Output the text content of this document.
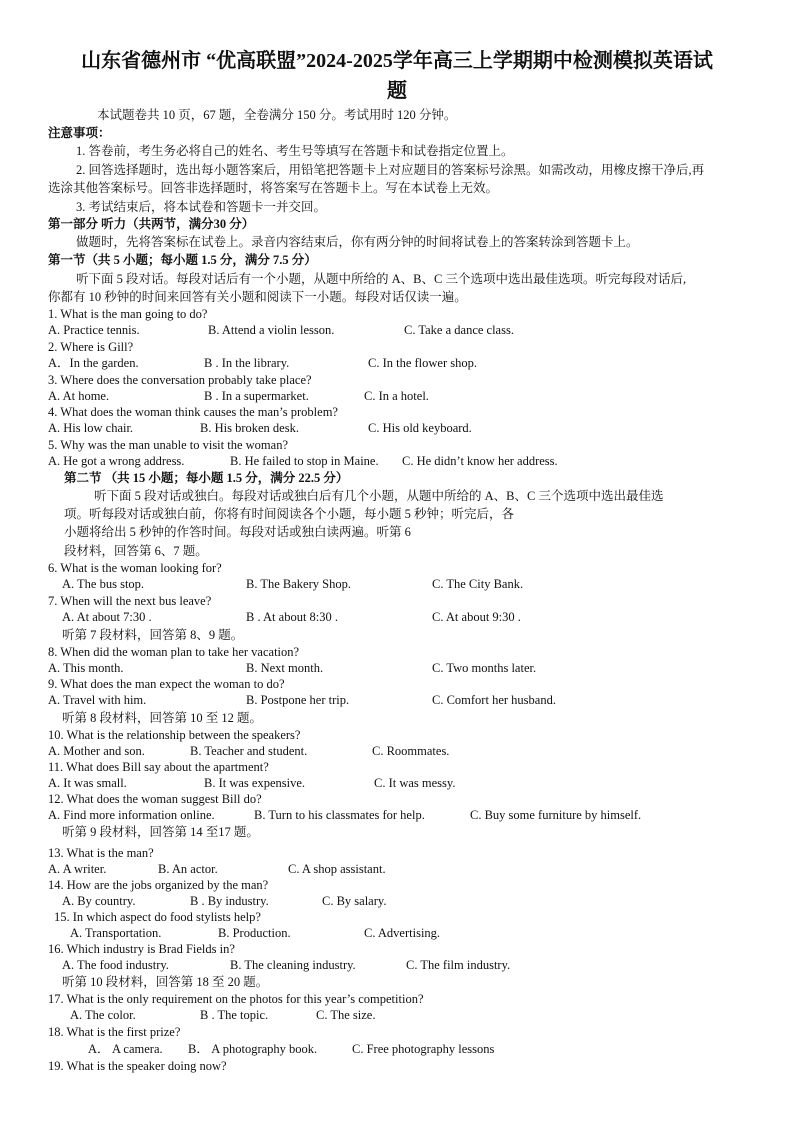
山东省德州市 “优高联盟”2024-2025学年高三上学期期中检测模拟英语试
题
本试题卷共 10 页，67 题，全卷满分 150 分。考试用时 120 分钟。
注意事项：
1. 答卷前，考生务必将自己的姓名、考生号等填写在答题卡和试卷指定位置上。
2. 回答选择题时，选出每小题答案后，用铅笔把答题卡上对应题目的答案标号涂黑。如需改动，用橡皮擦干净后,再
选涂其他答案标号。回答非选择题时，将答案写在答题卡上。写在本试卷上无效。
3. 考试结束后，将本试卷和答题卡一并交回。
第一部分 听力（共两节，满分30 分）
做题时，先将答案标在试卷上。录音内容结束后，你有两分钟的时间将试卷上的答案转涂到答题卡上。
第一节（共 5 小题；每小题 1.5 分，满分 7.5 分）
听下面 5 段对话。每段对话后有一个小题，从题中所给的 A、B、C 三个选项中选出最佳选项。听完每段对话后,
你都有 10 秒钟的时间来回答有关小题和阅读下一小题。每段对话仅读一遍。
1. What is the man going to do?
A. Practice tennis.	B. Attend a violin lesson.	C. Take a dance class.
2. Where is Gill?
A．In the garden.	B . In the library.	C. In the flower shop.
3. Where does the conversation probably take place?
A. At home.	B . In a supermarket.	C. In a hotel.
4. What does the woman think causes the man’s problem?
A. His low chair.	B. His broken desk.	C. His old keyboard.
5. Why was the man unable to visit the woman?
A. He got a wrong address.	B. He failed to stop in Maine. C. He didn’t know her address.
第二节 （共 15 小题；每小题 1.5 分，满分 22.5 分）
听下面 5 段对话或独白。每段对话或独白后有几个小题，从题中所给的 A、B、C 三个选项中选出最佳选
项。听每段对话或独白前，你将有时间阅读各个小题，每小题 5 秒钟；听完后，各
小题将给出 5 秒钟的作答时间。每段对话或独白读两遍。听第 6
段材料，回答第 6、7 题。
6. What is the woman looking for?
A. The bus stop.	B. The Bakery Shop.	C. The City Bank.
7. When will the next bus leave?
A. At about 7:30 .	B . At about 8:30 .	C. At about 9:30 .
听第 7 段材料，回答第 8、9 题。
8. When did the woman plan to take her vacation?
A. This month.	B. Next month.	C. Two months later.
9. What does the man expect the woman to do?
A. Travel with him.	B. Postpone her trip.	C. Comfort her husband.
听第 8 段材料，回答第 10 至 12 题。
10. What is the relationship between the speakers?
A. Mother and son.	B. Teacher and student.	C. Roommates.
11. What does Bill say about the apartment?
A. It was small.	B. It was expensive.	C. It was messy.
12. What does the woman suggest Bill do?
A. Find more information online.	B. Turn to his classmates for help.	C. Buy some furniture by himself.
听第 9 段材料，回答第 14 至17 题。
13. What is the man?
A. A writer.	B. An actor.	C. A shop assistant.
14. How are the jobs organized by the man?
A. By country.	B . By industry.	C. By salary.
15. In which aspect do food stylists help?
A. Transportation.	B. Production.	C. Advertising.
16. Which industry is Brad Fields in?
A. The food industry.	B. The cleaning industry.	C. The film industry.
听第 10 段材料，回答第 18 至 20 题。
17. What is the only requirement on the photos for this year’s competition?
A. The color.	B . The topic.	C. The size.
18. What is the first prize?
A． A camera. B． A photography book.	C. Free photography lessons
19. What is the speaker doing now?
